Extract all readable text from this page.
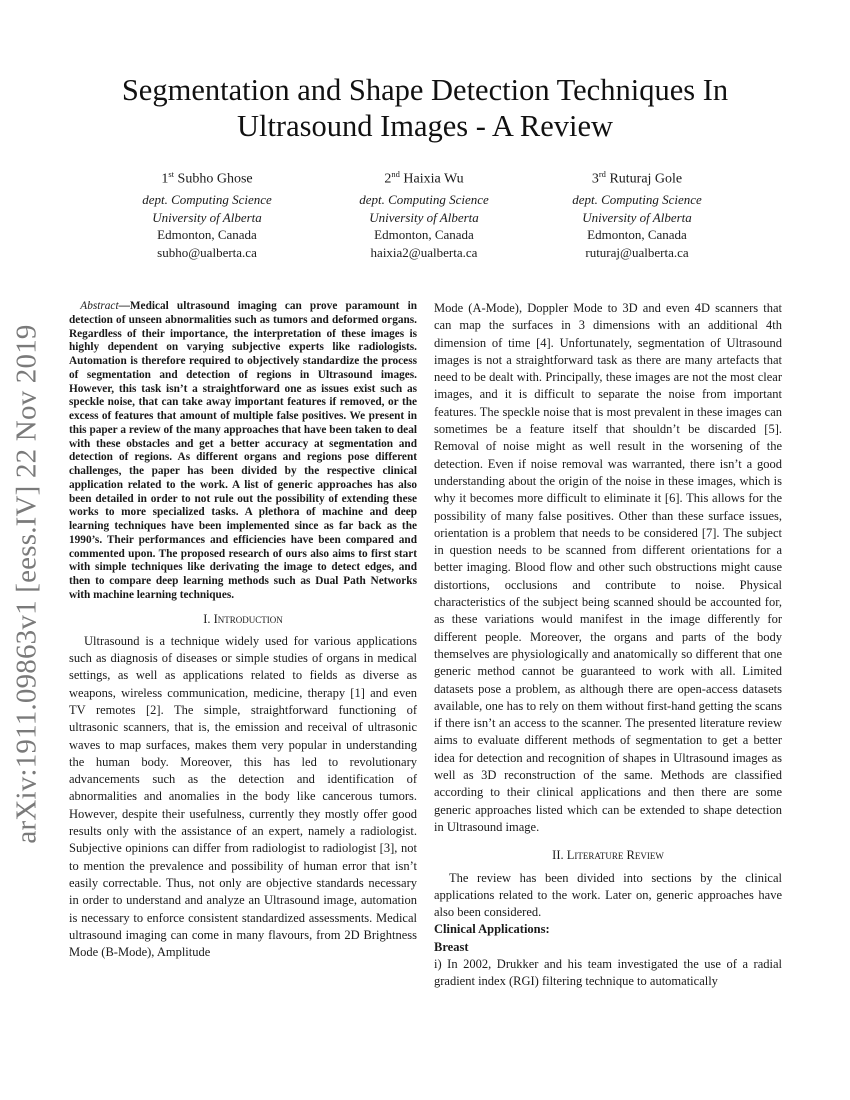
arXiv:1911.09863v1 [eess.IV] 22 Nov 2019
Segmentation and Shape Detection Techniques In Ultrasound Images - A Review
1st Subho Ghose
dept. Computing Science
University of Alberta
Edmonton, Canada
subho@ualberta.ca
2nd Haixia Wu
dept. Computing Science
University of Alberta
Edmonton, Canada
haixia2@ualberta.ca
3rd Ruturaj Gole
dept. Computing Science
University of Alberta
Edmonton, Canada
ruturaj@ualberta.ca

Abstract—Medical ultrasound imaging can prove paramount in detection of unseen abnormalities such as tumors and deformed organs. Regardless of their importance, the interpretation of these images is highly dependent on varying subjective experts like radiologists. Automation is therefore required to objectively standardize the process of segmentation and detection of regions in Ultrasound images. However, this task isn’t a straightforward one as issues exist such as speckle noise, that can take away important features if removed, or the excess of features that amount of multiple false positives. We present in this paper a review of the many approaches that have been taken to deal with these obstacles and get a better accuracy at segmentation and detection of regions. As different organs and regions pose different challenges, the paper has been divided by the respective clinical application related to the work. A list of generic approaches has also been detailed in order to not rule out the possibility of extending these works to more specialized tasks. A plethora of machine and deep learning techniques have been implemented since as far back as the 1990’s. Their performances and efficiencies have been compared and commented upon. The proposed research of ours also aims to first start with simple techniques like derivating the image to detect edges, and then to compare deep learning methods such as Dual Path Networks with machine learning techniques.

I. Introduction

Ultrasound is a technique widely used for various applications such as diagnosis of diseases or simple studies of organs in medical settings, as well as applications related to fields as diverse as weapons, wireless communication, medicine, therapy [1] and even TV remotes [2]. The simple, straightforward functioning of ultrasonic scanners, that is, the emission and receival of ultrasonic waves to map surfaces, makes them very popular in understanding the human body. Moreover, this has led to revolutionary advancements such as the detection and identification of abnormalities and anomalies in the body like cancerous tumors. However, despite their usefulness, currently they mostly offer good results only with the assistance of an expert, namely a radiologist. Subjective opinions can differ from radiologist to radiologist [3], not to mention the prevalence and possibility of human error that isn’t easily correctable. Thus, not only are objective standards necessary in order to understand and analyze an Ultrasound image, automation is necessary to enforce consistent standardized assessments. Medical ultrasound imaging can come in many flavours, from 2D Brightness Mode (B-Mode), Amplitude

Mode (A-Mode), Doppler Mode to 3D and even 4D scanners that can map the surfaces in 3 dimensions with an additional 4th dimension of time [4]. Unfortunately, segmentation of Ultrasound images is not a straightforward task as there are many artefacts that need to be dealt with. Principally, these images are not the most clear images, and it is difficult to separate the noise from important features. The speckle noise that is most prevalent in these images can sometimes be a feature itself that shouldn’t be discarded [5]. Removal of noise might as well result in the worsening of the detection. Even if noise removal was warranted, there isn’t a good understanding about the origin of the noise in these images, which is why it becomes more difficult to eliminate it [6]. This allows for the possibility of many false positives. Other than these surface issues, orientation is a problem that needs to be considered [7]. The subject in question needs to be scanned from different orientations for a better imaging. Blood flow and other such obstructions might cause distortions, occlusions and contribute to noise. Physical characteristics of the subject being scanned should be accounted for, as these variations would manifest in the image differently for different people. Moreover, the organs and parts of the body themselves are physiologically and anatomically so different that one generic method cannot be guaranteed to work with all. Limited datasets pose a problem, as although there are open-access datasets available, one has to rely on them without first-hand getting the scans if there isn’t an access to the scanner. The presented literature review aims to evaluate different methods of segmentation to get a better idea for detection and recognition of shapes in Ultrasound images as well as 3D reconstruction of the same. Methods are classified according to their clinical applications and then there are some generic approaches listed which can be extended to shape detection in Ultrasound image.

II. Literature Review

The review has been divided into sections by the clinical applications related to the work. Later on, generic approaches have also been considered.

Clinical Applications:

Breast

i) In 2002, Drukker and his team investigated the use of a radial gradient index (RGI) filtering technique to automatically
